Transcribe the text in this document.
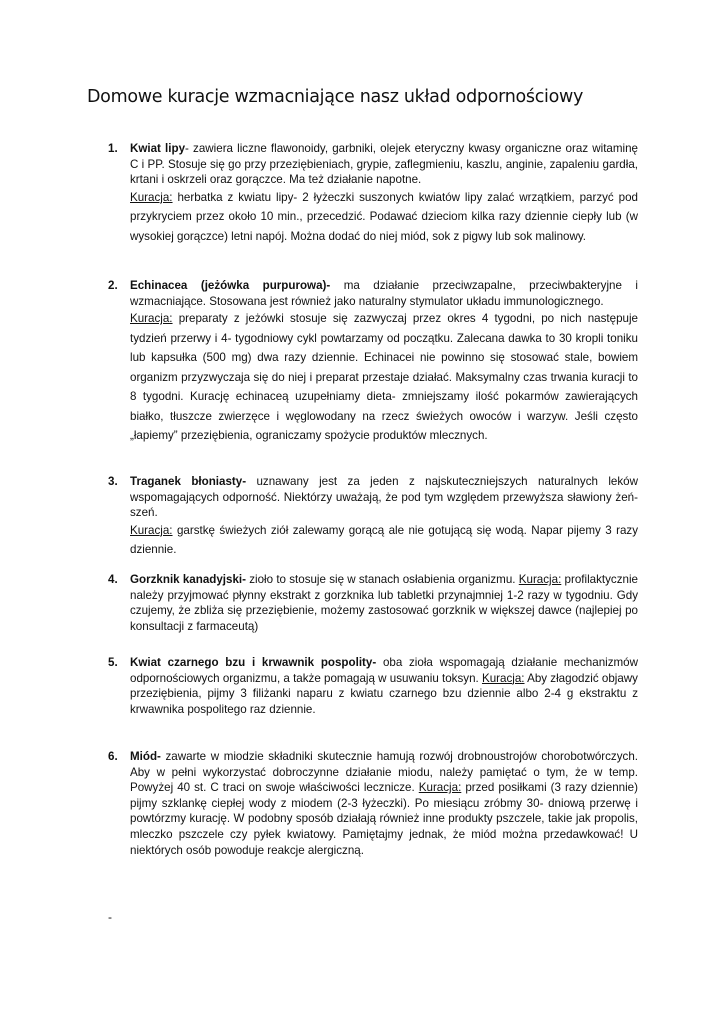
Domowe kuracje wzmacniające nasz układ odpornościowy
1. Kwiat lipy- zawiera liczne flawonoidy, garbniki, olejek eteryczny kwasy organiczne oraz witaminę C i PP. Stosuje się go przy przeziębieniach, grypie, zaflegmieniu, kaszlu, anginie, zapaleniu gardła, krtani i oskrzeli oraz gorączce. Ma też działanie napotne.
Kuracja: herbatka z kwiatu lipy- 2 łyżeczki suszonych kwiatów lipy zalać wrzątkiem, parzyć pod przykryciem przez około 10 min., przecedzić. Podawać dzieciom kilka razy dziennie ciepły lub (w wysokiej gorączce) letni napój. Można dodać do niej miód, sok z pigwy lub sok malinowy.
2. Echinacea (jeżówka purpurowa)- ma działanie przeciwzapalne, przeciwbakteryjne i wzmacniające. Stosowana jest również jako naturalny stymulator układu immunologicznego.
Kuracja: preparaty z jeżówki stosuje się zazwyczaj przez okres 4 tygodni, po nich następuje tydzień przerwy i 4- tygodniowy cykl powtarzamy od początku. Zalecana dawka to 30 kropli toniku lub kapsułka (500 mg) dwa razy dziennie. Echinacei nie powinno się stosować stale, bowiem organizm przyzwyczaja się do niej i preparat przestaje działać. Maksymalny czas trwania kuracji to 8 tygodni. Kurację echinaceą uzupełniamy dieta- zmniejszamy ilość pokarmów zawierających białko, tłuszcze zwierzęce i węglowodany na rzecz świeżych owoców i warzyw. Jeśli często „łapiemy” przeziębienia, ograniczamy spożycie produktów mlecznych.
3. Traganek błoniasty- uznawany jest za jeden z najskuteczniejszych naturalnych leków wspomagających odporność. Niektórzy uważają, że pod tym względem przewyższa sławiony żeń- szeń.
Kuracja: garstkę świeżych ziół zalewamy gorącą ale nie gotującą się wodą. Napar pijemy 3 razy dziennie.
4. Gorzknik kanadyjski- zioło to stosuje się w stanach osłabienia organizmu. Kuracja: profilaktycznie należy przyjmować płynny ekstrakt z gorzknika lub tabletki przynajmniej 1-2 razy w tygodniu. Gdy czujemy, że zbliża się przeziębienie, możemy zastosować gorzknik w większej dawce (najlepiej po konsultacji z farmaceutą)
5. Kwiat czarnego bzu i krwawnik pospolity- oba zioła wspomagają działanie mechanizmów odpornościowych organizmu, a także pomagają w usuwaniu toksyn. Kuracja: Aby złagodzić objawy przeziębienia, pijmy 3 filiżanki naparu z kwiatu czarnego bzu dziennie albo 2-4 g ekstraktu z krwawnika pospolitego raz dziennie.
6. Miód- zawarte w miodzie składniki skutecznie hamują rozwój drobnoustrojów chorobotwórczych. Aby w pełni wykorzystać dobroczynne działanie miodu, należy pamiętać o tym, że w temp. Powyżej 40 st. C traci on swoje właściwości lecznicze. Kuracja: przed posiłkami (3 razy dziennie) pijmy szklankę ciepłej wody z miodem (2-3 łyżeczki). Po miesiącu zróbmy 30- dniową przerwę i powtórzmy kurację. W podobny sposób działają również inne produkty pszczele, takie jak propolis, mleczko pszczele czy pyłek kwiatowy. Pamiętajmy jednak, że miód można przedawkować! U niektórych osób powoduje reakcje alergiczną.
-
